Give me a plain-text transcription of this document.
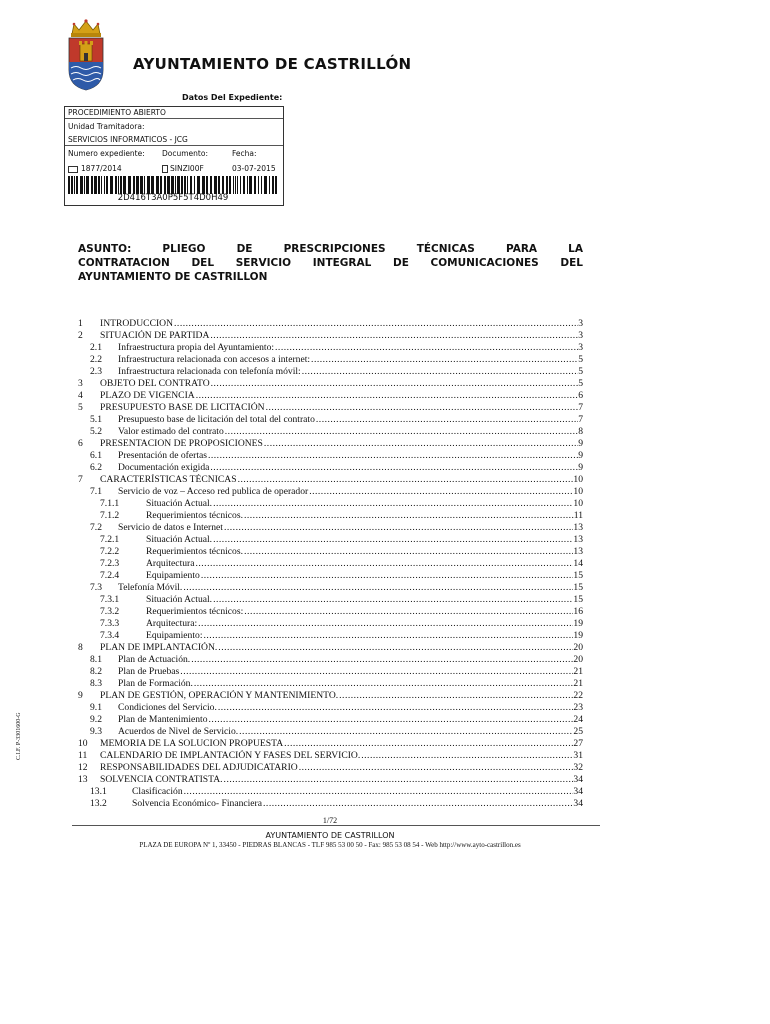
AYUNTAMIENTO DE CASTRILLÓN
Datos Del Expediente:
PROCEDIMIENTO ABIERTO
Unidad Tramitadora:
SERVICIOS INFORMATICOS - JCG
Numero expediente: Documento:	Fecha:
1877/2014	SINZI00F	03-07-2015
2D416T3A0P5F5T4D0H49
ASUNTO: PLIEGO DE PRESCRIPCIONES TÉCNICAS PARA LA
CONTRATACION DEL SERVICIO INTEGRAL DE COMUNICACIONES DEL
AYUNTAMIENTO DE CASTRILLON
1	INTRODUCCION .....	3
2	SITUACIÓN DE PARTIDA .....	3
2.1	Infraestructura propia del Ayuntamiento: .....	3
2.2	Infraestructura relacionada con accesos a internet: .....	5
2.3	Infraestructura relacionada con telefonía móvil: .....	5
3	OBJETO DEL CONTRATO .....	5
4	PLAZO DE VIGENCIA .....	6
5	PRESUPUESTO BASE DE LICITACIÓN .....	7
5.1	Presupuesto base de licitación del total del contrato .....	7
5.2	Valor estimado del contrato .....	8
6	PRESENTACION DE PROPOSICIONES .....	9
6.1	Presentación de ofertas .....	9
6.2	Documentación exigida .....	9
7	CARACTERÍSTICAS TÉCNICAS .....	10
7.1	Servicio de voz – Acceso red publica de operador .....	10
7.1.1	Situación Actual. .....	10
7.1.2	Requerimientos técnicos. .....	11
7.2	Servicio de datos e Internet .....	13
7.2.1	Situación Actual. .....	13
7.2.2	Requerimientos técnicos. .....	13
7.2.3	Arquitectura .....	14
7.2.4	Equipamiento .....	15
7.3	Telefonía Móvil. .....	15
7.3.1	Situación Actual. .....	15
7.3.2	Requerimientos técnicos: .....	16
7.3.3	Arquitectura: .....	19
7.3.4	Equipamiento: .....	19
8	PLAN DE IMPLANTACIÓN. .....	20
8.1	Plan de Actuación. .....	20
8.2	Plan de Pruebas .....	21
8.3	Plan de Formación. .....	21
9	PLAN DE GESTIÓN, OPERACIÓN Y MANTENIMIENTO. .....	22
9.1	Condiciones del Servicio. .....	23
9.2	Plan de Mantenimiento .....	24
9.3	Acuerdos de Nivel de Servicio. .....	25
10	MEMORIA DE LA SOLUCION PROPUESTA .....	27
11	CALENDARIO DE IMPLANTACIÓN Y FASES DEL SERVICIO. .....	31
12	RESPONSABILIDADES DEL ADJUDICATARIO .....	32
13	SOLVENCIA CONTRATISTA. .....	34
13.1	Clasificación .....	34
13.2	Solvencia Económico- Financiera .....	34
1/72
AYUNTAMIENTO DE CASTRILLON
PLAZA DE EUROPA Nº 1, 33450 - PIEDRAS BLANCAS - TLF 985 53 00 50 - Fax: 985 53 08 54 - Web http://www.ayto-castrillon.es
C.I.F. P-3301600-G
